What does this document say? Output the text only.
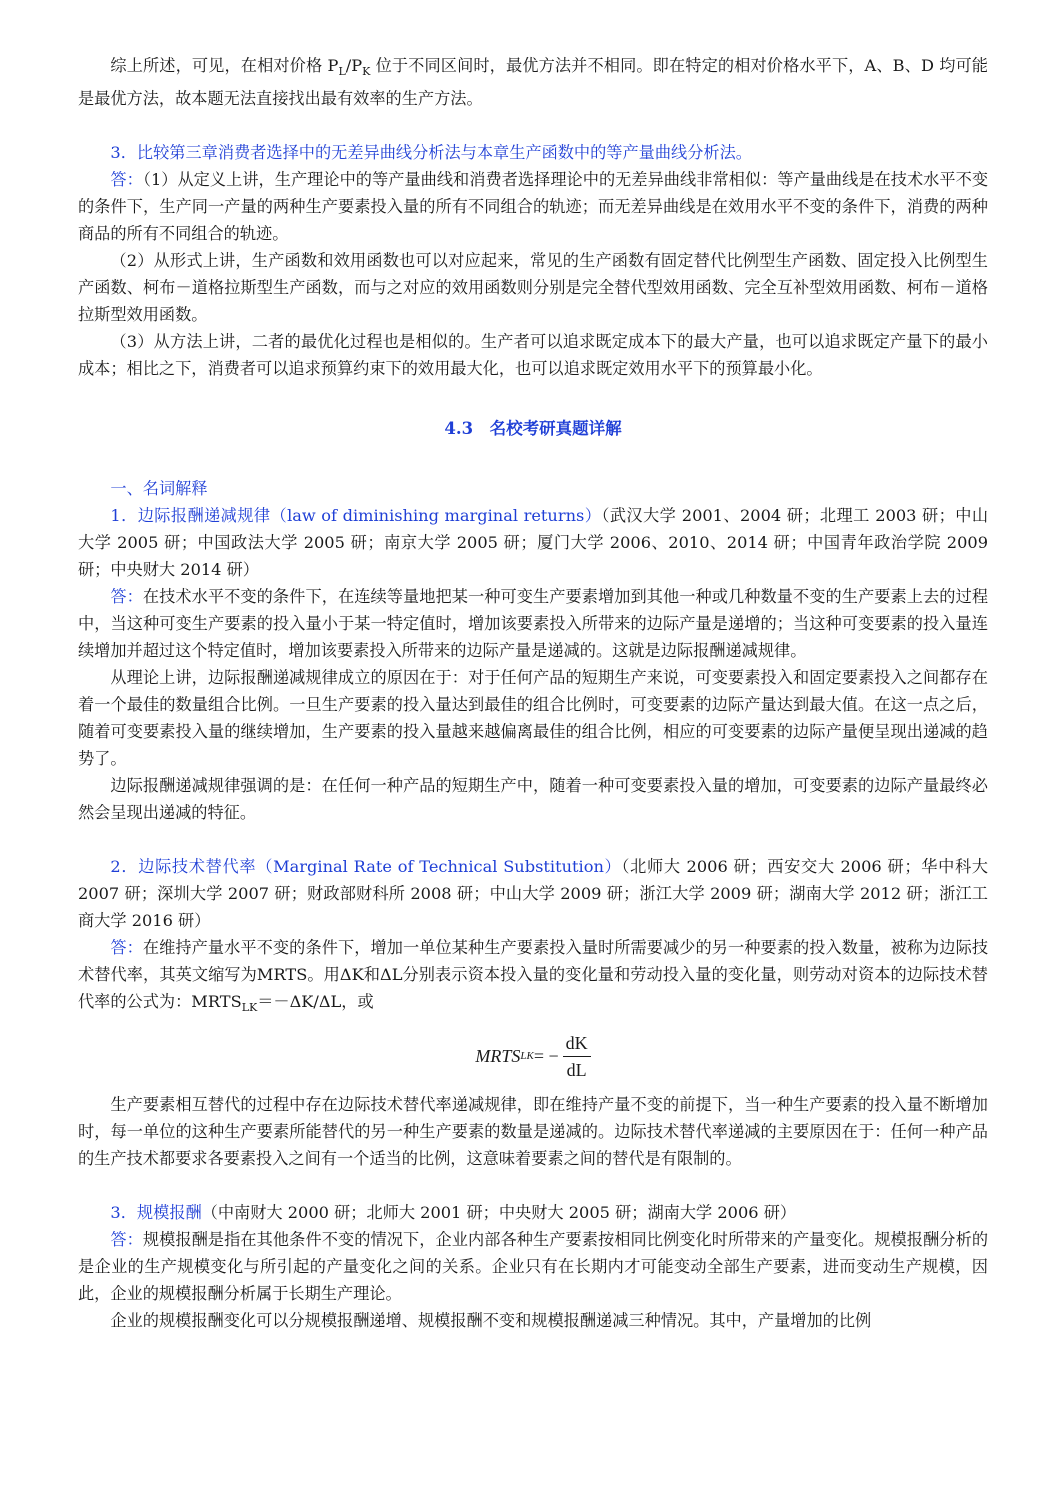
综上所述，可见，在相对价格 $P_L/P_K$ 位于不同区间时，最优方法并不相同。即在特定的相对价格水平下，A、B、D 均可能是最优方法，故本题无法直接找出最有效率的生产方法。

3．比较第三章消费者选择中的无差异曲线分析法与本章生产函数中的等产量曲线分析法。

答：（1）从定义上讲，生产理论中的等产量曲线和消费者选择理论中的无差异曲线非常相似：等产量曲线是在技术水平不变的条件下，生产同一产量的两种生产要素投入量的所有不同组合的轨迹；而无差异曲线是在效用水平不变的条件下，消费的两种商品的所有不同组合的轨迹。

（2）从形式上讲，生产函数和效用函数也可以对应起来，常见的生产函数有固定替代比例型生产函数、固定投入比例型生产函数、柯布－道格拉斯型生产函数，而与之对应的效用函数则分别是完全替代型效用函数、完全互补型效用函数、柯布－道格拉斯型效用函数。

（3）从方法上讲，二者的最优化过程也是相似的。生产者可以追求既定成本下的最大产量，也可以追求既定产量下的最小成本；相比之下，消费者可以追求预算约束下的效用最大化，也可以追求既定效用水平下的预算最小化。

4.3　名校考研真题详解

一、名词解释

1．边际报酬递减规律（law of diminishing marginal returns）（武汉大学 2001、2004 研；北理工 2003 研；中山大学 2005 研；中国政法大学 2005 研；南京大学 2005 研；厦门大学 2006、2010、2014 研；中国青年政治学院 2009 研；中央财大 2014 研）

答：在技术水平不变的条件下，在连续等量地把某一种可变生产要素增加到其他一种或几种数量不变的生产要素上去的过程中，当这种可变生产要素的投入量小于某一特定值时，增加该要素投入所带来的边际产量是递增的；当这种可变要素的投入量连续增加并超过这个特定值时，增加该要素投入所带来的边际产量是递减的。这就是边际报酬递减规律。

从理论上讲，边际报酬递减规律成立的原因在于：对于任何产品的短期生产来说，可变要素投入和固定要素投入之间都存在着一个最佳的数量组合比例。一旦生产要素的投入量达到最佳的组合比例时，可变要素的边际产量达到最大值。在这一点之后，随着可变要素投入量的继续增加，生产要素的投入量越来越偏离最佳的组合比例，相应的可变要素的边际产量便呈现出递减的趋势了。

边际报酬递减规律强调的是：在任何一种产品的短期生产中，随着一种可变要素投入量的增加，可变要素的边际产量最终必然会呈现出递减的特征。

2．边际技术替代率（Marginal Rate of Technical Substitution）（北师大 2006 研；西安交大 2006 研；华中科大 2007 研；深圳大学 2007 研；财政部财科所 2008 研；中山大学 2009 研；浙江大学 2009 研；湖南大学 2012 研；浙江工商大学 2016 研）

答：在维持产量水平不变的条件下，增加一单位某种生产要素投入量时所需要减少的另一种要素的投入数量，被称为边际技术替代率，其英文缩写为MRTS。用ΔK和ΔL分别表示资本投入量的变化量和劳动投入量的变化量，则劳动对资本的边际技术替代率的公式为：$MRTS_{LK}=-\Delta K/\Delta L$，或

MRTS LK = − $\frac{dK}{dL}$

生产要素相互替代的过程中存在边际技术替代率递减规律，即在维持产量不变的前提下，当一种生产要素的投入量不断增加时，每一单位的这种生产要素所能替代的另一种生产要素的数量是递减的。边际技术替代率递减的主要原因在于：任何一种产品的生产技术都要求各要素投入之间有一个适当的比例，这意味着要素之间的替代是有限制的。

3．规模报酬（中南财大 2000 研；北师大 2001 研；中央财大 2005 研；湖南大学 2006 研）

答：规模报酬是指在其他条件不变的情况下，企业内部各种生产要素按相同比例变化时所带来的产量变化。规模报酬分析的是企业的生产规模变化与所引起的产量变化之间的关系。企业只有在长期内才可能变动全部生产要素，进而变动生产规模，因此，企业的规模报酬分析属于长期生产理论。

企业的规模报酬变化可以分规模报酬递增、规模报酬不变和规模报酬递减三种情况。其中，产量增加的比例
